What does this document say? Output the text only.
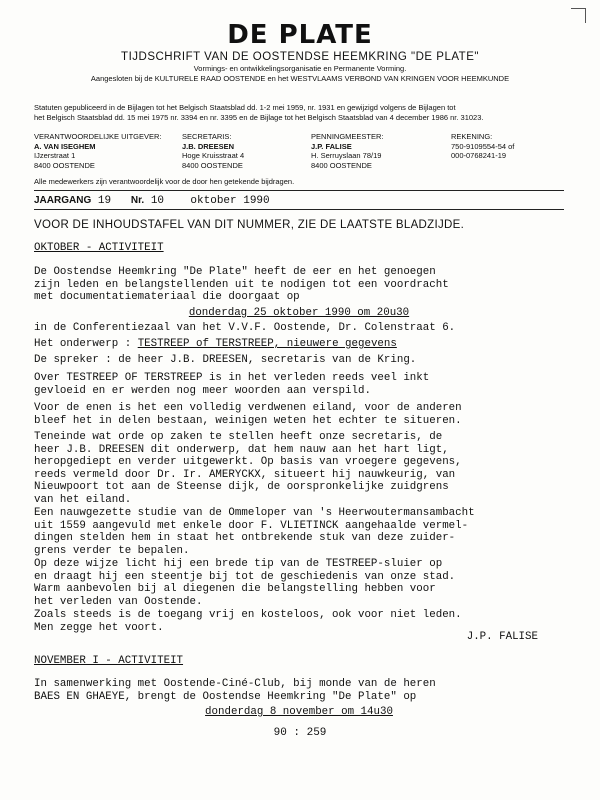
DE PLATE
TIJDSCHRIFT VAN DE OOSTENDSE HEEMKRING "DE PLATE"
Vormings- en ontwikkelingsorganisatie en Permanente Vorming.
Aangesloten bij de KULTURELE RAAD OOSTENDE en het WESTVLAAMS VERBOND VAN KRINGEN VOOR HEEMKUNDE
Statuten gepubliceerd in de Bijlagen tot het Belgisch Staatsblad dd. 1-2 mei 1959, nr. 1931 en gewijzigd volgens de Bijlagen tot
het Belgisch Staatsblad dd. 15 mei 1975 nr. 3394 en nr. 3395 en de Bijlage tot het Belgisch Staatsblad van 4 december 1986 nr. 31023.
VERANTWOORDELIJKE UITGEVER:
A. VAN ISEGHEM
IJzerstraat 1
8400 OOSTENDE
SECRETARIS:
J.B. DREESEN
Hoge Kruisstraat 4
8400 OOSTENDE
PENNINGMEESTER:
J.P. FALISE
H. Serruyslaan 78/19
8400 OOSTENDE
REKENING:
750-9109554-54 of
000-0768241-19
Alle medewerkers zijn verantwoordelijk voor de door hen getekende bijdragen.
JAARGANG 19 Nr. 10 oktober 1990
VOOR DE INHOUDSTAFEL VAN DIT NUMMER, ZIE DE LAATSTE BLADZIJDE.
OKTOBER - ACTIVITEIT
De Oostendse Heemkring "De Plate" heeft de eer en het genoegen
zijn leden en belangstellenden uit te nodigen tot een voordracht
met documentatiemateriaal die doorgaat op
donderdag 25 oktober 1990 om 20u30
in de Conferentiezaal van het V.V.F. Oostende, Dr. Colenstraat 6.
Het onderwerp : TESTREEP of TERSTREEP, nieuwere gegevens
De spreker : de heer J.B. DREESEN, secretaris van de Kring.
Over TESTREEP OF TERSTREEP is in het verleden reeds veel inkt
gevloeid en er werden nog meer woorden aan verspild.
Voor de enen is het een volledig verdwenen eiland, voor de anderen
bleef het in delen bestaan, weinigen weten het echter te situeren.
Teneinde wat orde op zaken te stellen heeft onze secretaris, de
heer J.B. DREESEN dit onderwerp, dat hem nauw aan het hart ligt,
heropgediept en verder uitgewerkt. Op basis van vroegere gegevens,
reeds vermeld door Dr. Ir. AMERYCKX, situeert hij nauwkeurig, van
Nieuwpoort tot aan de Steense dijk, de oorspronkelijke zuidgrens
van het eiland.
Een nauwgezette studie van de Ommeloper van 's Heerwoutermansambacht
uit 1559 aangevuld met enkele door F. VLIETINCK aangehaalde vermel-
dingen stelden hem in staat het ontbrekende stuk van deze zuider-
grens verder te bepalen.
Op deze wijze licht hij een brede tip van de TESTREEP-sluier op
en draagt hij een steentje bij tot de geschiedenis van onze stad.
Warm aanbevolen bij al diegenen die belangstelling hebben voor
het verleden van Oostende.
Zoals steeds is de toegang vrij en kosteloos, ook voor niet leden.
Men zegge het voort.
J.P. FALISE
NOVEMBER I - ACTIVITEIT
In samenwerking met Oostende-Ciné-Club, bij monde van de heren
BAES EN GHAEYE, brengt de Oostendse Heemkring "De Plate" op
donderdag 8 november om 14u30
90 : 259
